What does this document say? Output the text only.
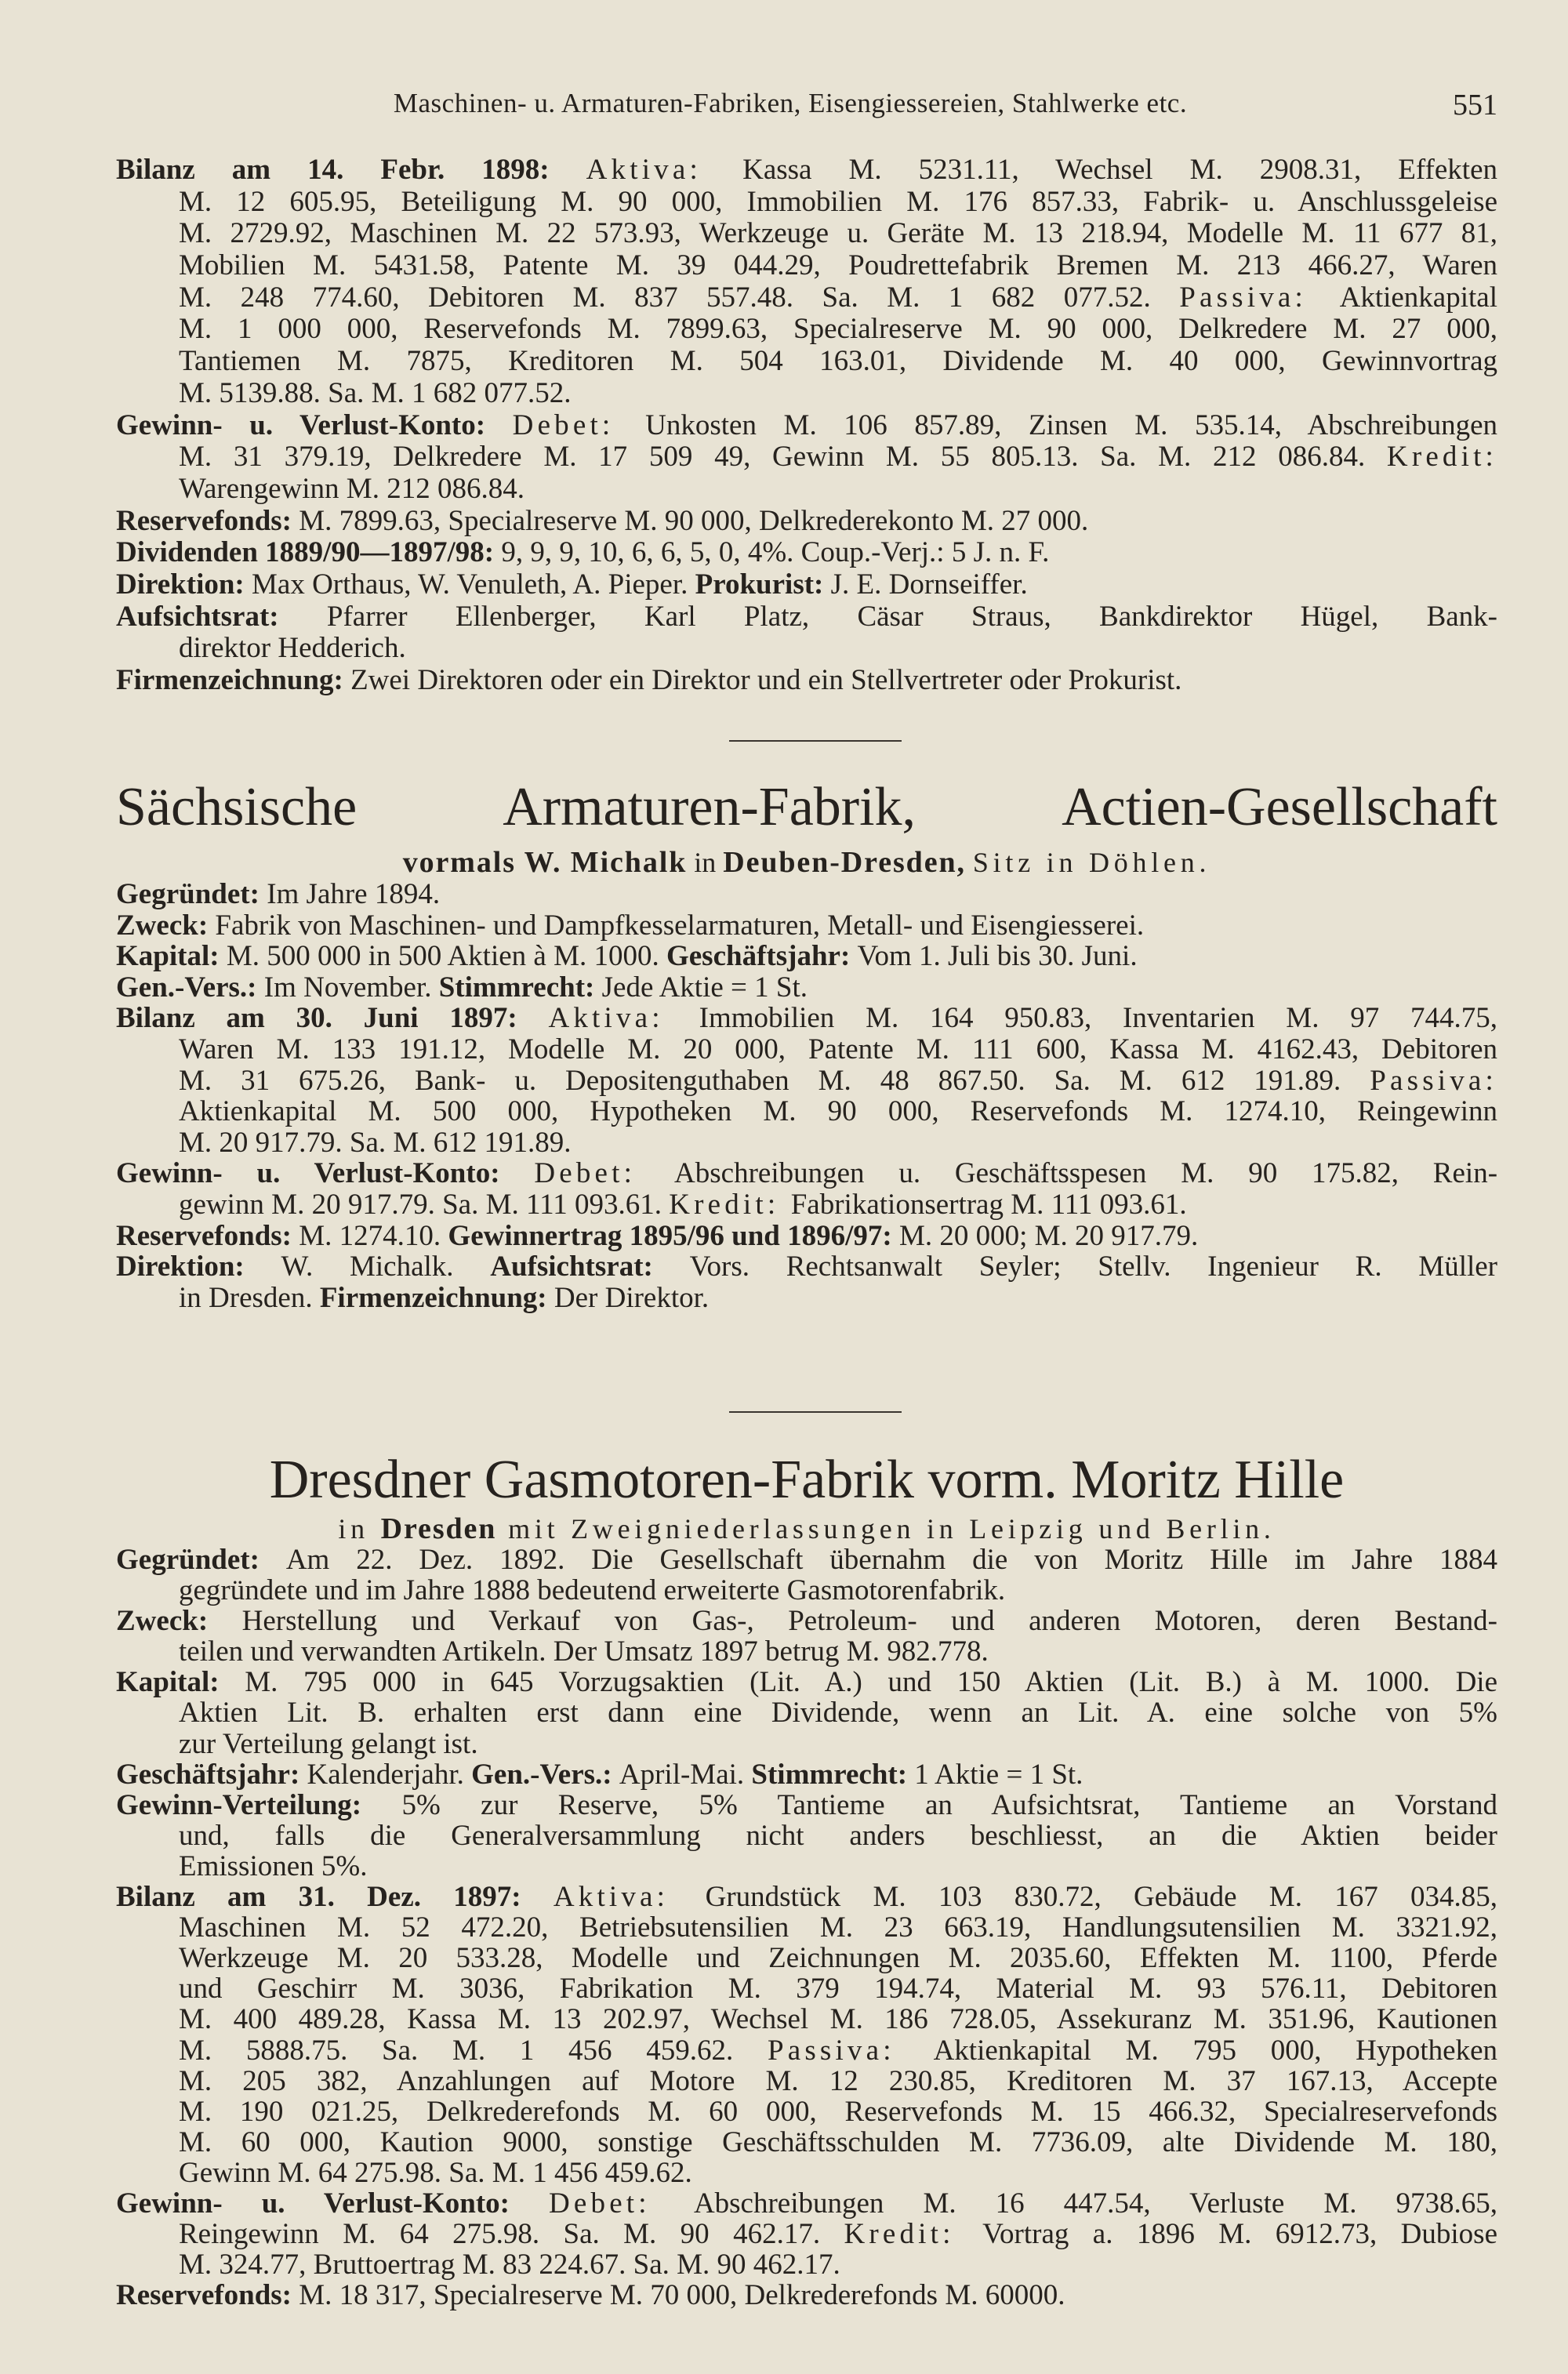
Maschinen- u. Armaturen-Fabriken, Eisengiessereien, Stahlwerke etc.	551
Bilanz am 14. Febr. 1898: Aktiva: Kassa M. 5231.11, Wechsel M. 2908.31, Effekten
M. 12 605.95, Beteiligung M. 90 000, Immobilien M. 176 857.33, Fabrik- u. Anschlussgeleise
M. 2729.92, Maschinen M. 22 573.93, Werkzeuge u. Geräte M. 13 218.94, Modelle M. 11 677 81,
Mobilien M. 5431.58, Patente M. 39 044.29, Poudrettefabrik Bremen M. 213 466.27, Waren
M. 248 774.60, Debitoren M. 837 557.48. Sa. M. 1 682 077.52. Passiva: Aktienkapital
M. 1 000 000, Reservefonds M. 7899.63, Specialreserve M. 90 000, Delkredere M. 27 000,
Tantiemen M. 7875, Kreditoren M. 504 163.01, Dividende M. 40 000, Gewinnvortrag
M. 5139.88. Sa. M. 1 682 077.52.
Gewinn- u. Verlust-Konto: Debet: Unkosten M. 106 857.89, Zinsen M. 535.14, Abschreibungen
M. 31 379.19, Delkredere M. 17 509 49, Gewinn M. 55 805.13. Sa. M. 212 086.84. Kredit:
Warengewinn M. 212 086.84.
Reservefonds: M. 7899.63, Specialreserve M. 90 000, Delkrederekonto M. 27 000.
Dividenden 1889/90—1897/98: 9, 9, 9, 10, 6, 6, 5, 0, 4%. Coup.-Verj.: 5 J. n. F.
Direktion: Max Orthaus, W. Venuleth, A. Pieper. Prokurist: J. E. Dornseiffer.
Aufsichtsrat: Pfarrer Ellenberger, Karl Platz, Cäsar Straus, Bankdirektor Hügel, Bank-
direktor Hedderich.
Firmenzeichnung: Zwei Direktoren oder ein Direktor und ein Stellvertreter oder Prokurist.
Sächsische Armaturen-Fabrik, Actien-Gesellschaft
vormals W. Michalk in Deuben-Dresden, Sitz in Döhlen.
Gegründet: Im Jahre 1894.
Zweck: Fabrik von Maschinen- und Dampfkesselarmaturen, Metall- und Eisengiesserei.
Kapital: M. 500 000 in 500 Aktien à M. 1000. Geschäftsjahr: Vom 1. Juli bis 30. Juni.
Gen.-Vers.: Im November. Stimmrecht: Jede Aktie = 1 St.
Bilanz am 30. Juni 1897: Aktiva: Immobilien M. 164 950.83, Inventarien M. 97 744.75,
Waren M. 133 191.12, Modelle M. 20 000, Patente M. 111 600, Kassa M. 4162.43, Debitoren
M. 31 675.26, Bank- u. Depositenguthaben M. 48 867.50. Sa. M. 612 191.89. Passiva:
Aktienkapital M. 500 000, Hypotheken M. 90 000, Reservefonds M. 1274.10, Reingewinn
M. 20 917.79. Sa. M. 612 191.89.
Gewinn- u. Verlust-Konto: Debet: Abschreibungen u. Geschäftsspesen M. 90 175.82, Rein-
gewinn M. 20 917.79. Sa. M. 111 093.61. Kredit: Fabrikationsertrag M. 111 093.61.
Reservefonds: M. 1274.10. Gewinnertrag 1895/96 und 1896/97: M. 20 000; M. 20 917.79.
Direktion: W. Michalk. Aufsichtsrat: Vors. Rechtsanwalt Seyler; Stellv. Ingenieur R. Müller
in Dresden. Firmenzeichnung: Der Direktor.
Dresdner Gasmotoren-Fabrik vorm. Moritz Hille
in Dresden mit Zweigniederlassungen in Leipzig und Berlin.
Gegründet: Am 22. Dez. 1892. Die Gesellschaft übernahm die von Moritz Hille im Jahre 1884
gegründete und im Jahre 1888 bedeutend erweiterte Gasmotorenfabrik.
Zweck: Herstellung und Verkauf von Gas-, Petroleum- und anderen Motoren, deren Bestand-
teilen und verwandten Artikeln. Der Umsatz 1897 betrug M. 982.778.
Kapital: M. 795 000 in 645 Vorzugsaktien (Lit. A.) und 150 Aktien (Lit. B.) à M. 1000. Die
Aktien Lit. B. erhalten erst dann eine Dividende, wenn an Lit. A. eine solche von 5%
zur Verteilung gelangt ist.
Geschäftsjahr: Kalenderjahr. Gen.-Vers.: April-Mai. Stimmrecht: 1 Aktie = 1 St.
Gewinn-Verteilung: 5% zur Reserve, 5% Tantieme an Aufsichtsrat, Tantieme an Vorstand
und, falls die Generalversammlung nicht anders beschliesst, an die Aktien beider
Emissionen 5%.
Bilanz am 31. Dez. 1897: Aktiva: Grundstück M. 103 830.72, Gebäude M. 167 034.85,
Maschinen M. 52 472.20, Betriebsutensilien M. 23 663.19, Handlungsutensilien M. 3321.92,
Werkzeuge M. 20 533.28, Modelle und Zeichnungen M. 2035.60, Effekten M. 1100, Pferde
und Geschirr M. 3036, Fabrikation M. 379 194.74, Material M. 93 576.11, Debitoren
M. 400 489.28, Kassa M. 13 202.97, Wechsel M. 186 728.05, Assekuranz M. 351.96, Kautionen
M. 5888.75. Sa. M. 1 456 459.62. Passiva: Aktienkapital M. 795 000, Hypotheken
M. 205 382, Anzahlungen auf Motore M. 12 230.85, Kreditoren M. 37 167.13, Accepte
M. 190 021.25, Delkrederefonds M. 60 000, Reservefonds M. 15 466.32, Specialreservefonds
M. 60 000, Kaution 9000, sonstige Geschäftsschulden M. 7736.09, alte Dividende M. 180,
Gewinn M. 64 275.98. Sa. M. 1 456 459.62.
Gewinn- u. Verlust-Konto: Debet: Abschreibungen M. 16 447.54, Verluste M. 9738.65,
Reingewinn M. 64 275.98. Sa. M. 90 462.17. Kredit: Vortrag a. 1896 M. 6912.73, Dubiose
M. 324.77, Bruttoertrag M. 83 224.67. Sa. M. 90 462.17.
Reservefonds: M. 18 317, Specialreserve M. 70 000, Delkrederefonds M. 60000.
